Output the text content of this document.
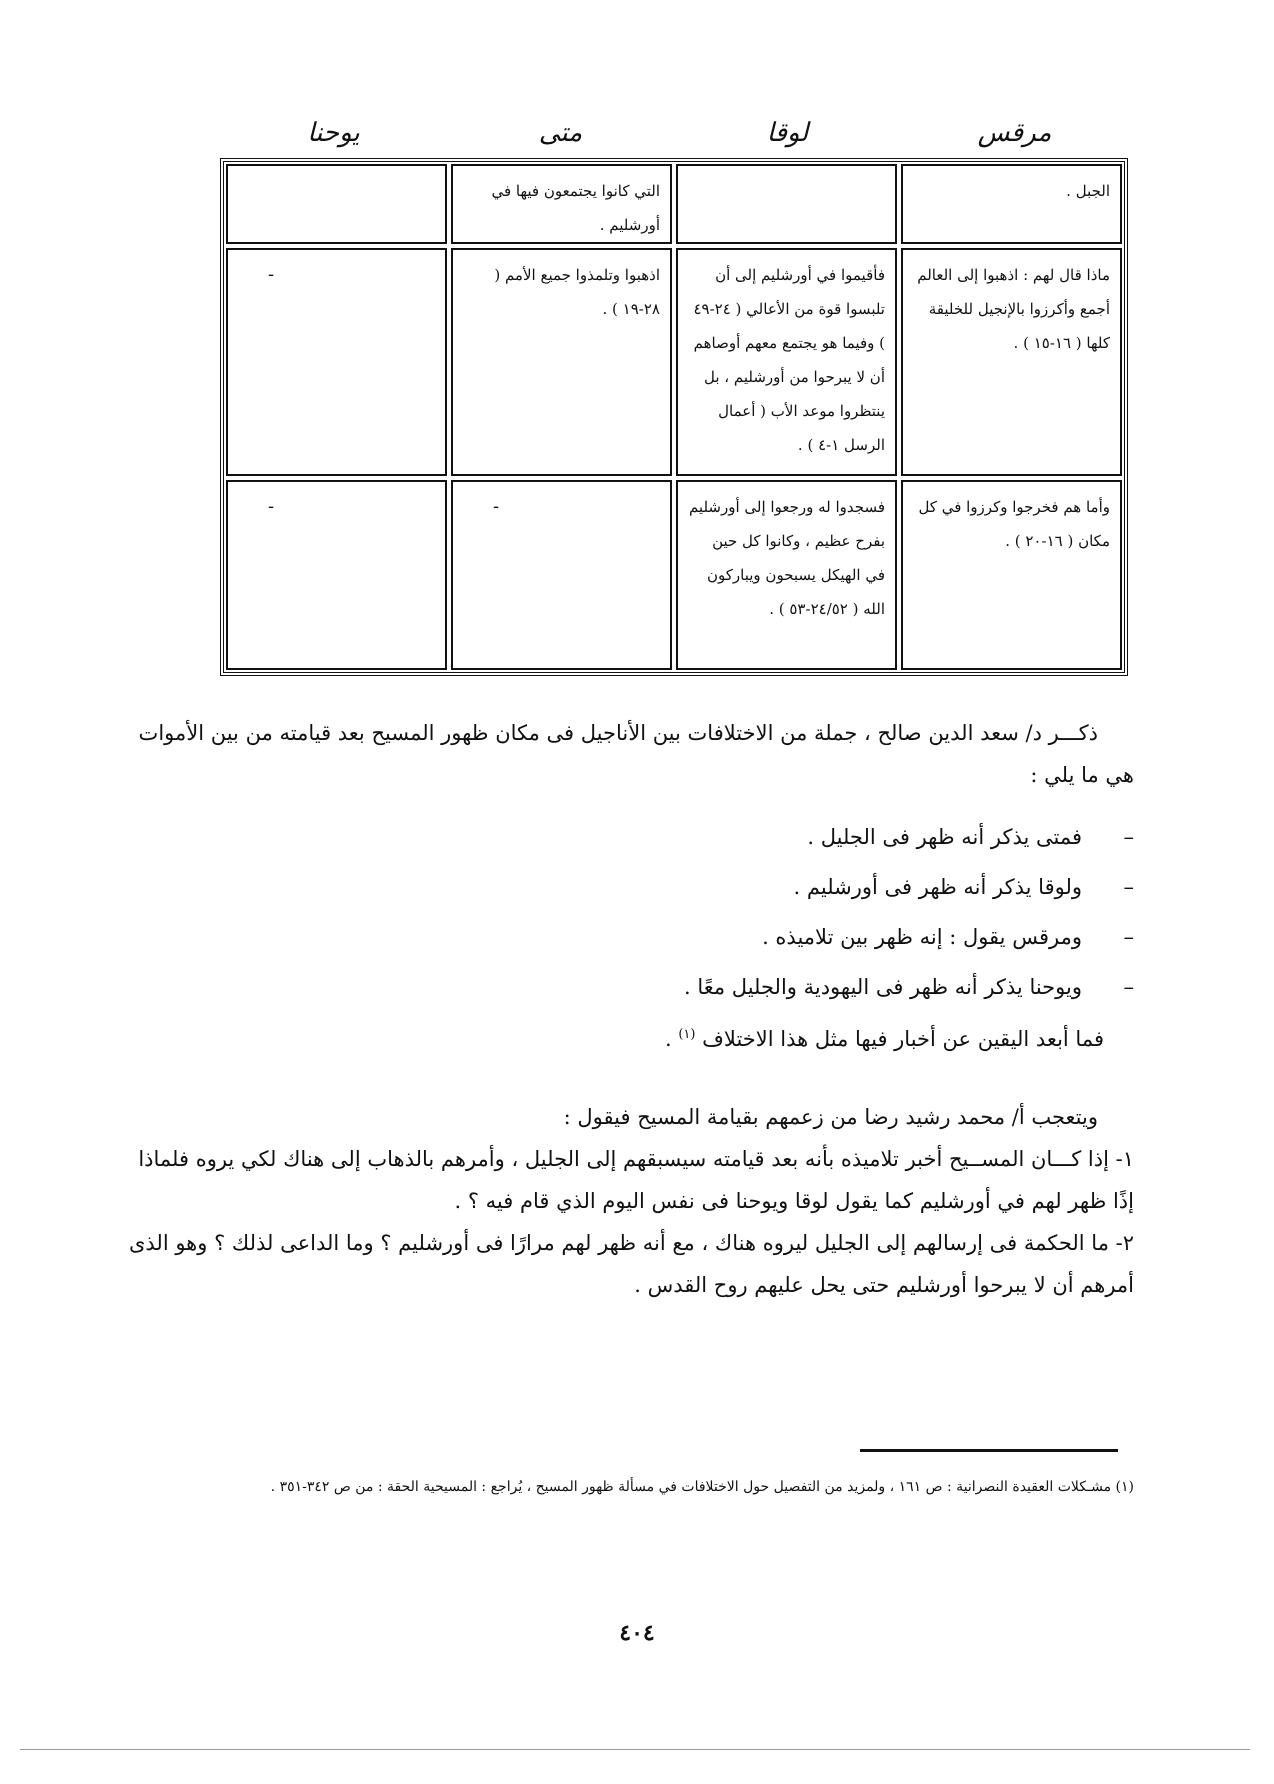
مرقس
لوقا
متى
يوحنا
الجبل .
التي كانوا يجتمعون فيها في أورشليم .
ماذا قال لهم : اذهبوا إلى العالم أجمع وأكرزوا بالإنجيل للخليقة كلها ( ١٦-١٥ ) .
فأقيموا في أورشليم إلى أن تلبسوا قوة من الأعالي ( ٢٤-٤٩ ) وفيما هو يجتمع معهم أوصاهم أن لا يبرحوا من أورشليم ، بل ينتظروا موعد الأب ( أعمال الرسل ١-٤ ) .
اذهبوا وتلمذوا جميع الأمم ( ٢٨-١٩ ) .
-
وأما هم فخرجوا وكرزوا في كل مكان ( ١٦-٢٠ ) .
فسجدوا له ورجعوا إلى أورشليم بفرح عظيم ، وكانوا كل حين في الهيكل يسبحون ويباركون الله ( ٢٤/٥٢-٥٣ ) .
-
-

ذكـــر د/ سعد الدين صالح ، جملة من الاختلافات بين الأناجيل فى مكان ظهور المسيح بعد قيامته من بين الأموات هي ما يلي :

–فمتى يذكر أنه ظهر فى الجليل .
–ولوقا يذكر أنه ظهر فى أورشليم .
–ومرقس يقول : إنه ظهر بين تلاميذه .
–ويوحنا يذكر أنه ظهر فى اليهودية والجليل معًا .
فما أبعد اليقين عن أخبار فيها مثل هذا الاختلاف $^{(١)}$ .
ويتعجب أ/ محمد رشيد رضا من زعمهم بقيامة المسيح فيقول :

١- إذا كـــان المســيح أخبر تلاميذه بأنه بعد قيامته سيسبقهم إلى الجليل ، وأمرهم بالذهاب إلى هناك لكي يروه فلماذا إذًا ظهر لهم في أورشليم كما يقول لوقا ويوحنا فى نفس اليوم الذي قام فيه ؟ .

٢- ما الحكمة فى إرسالهم إلى الجليل ليروه هناك ، مع أنه ظهر لهم مرارًا فى أورشليم ؟ وما الداعى لذلك ؟ وهو الذى أمرهم أن لا يبرحوا أورشليم حتى يحل عليهم روح القدس .

(١) مشـكلات العقيدة النصرانية : ص ١٦١ ، ولمزيد من التفصيل حول الاختلافات في مسألة ظهور المسيح ، يُراجع : المسيحية الحقة : من ص ٣٤٢-٣٥١ .
٤٠٤
